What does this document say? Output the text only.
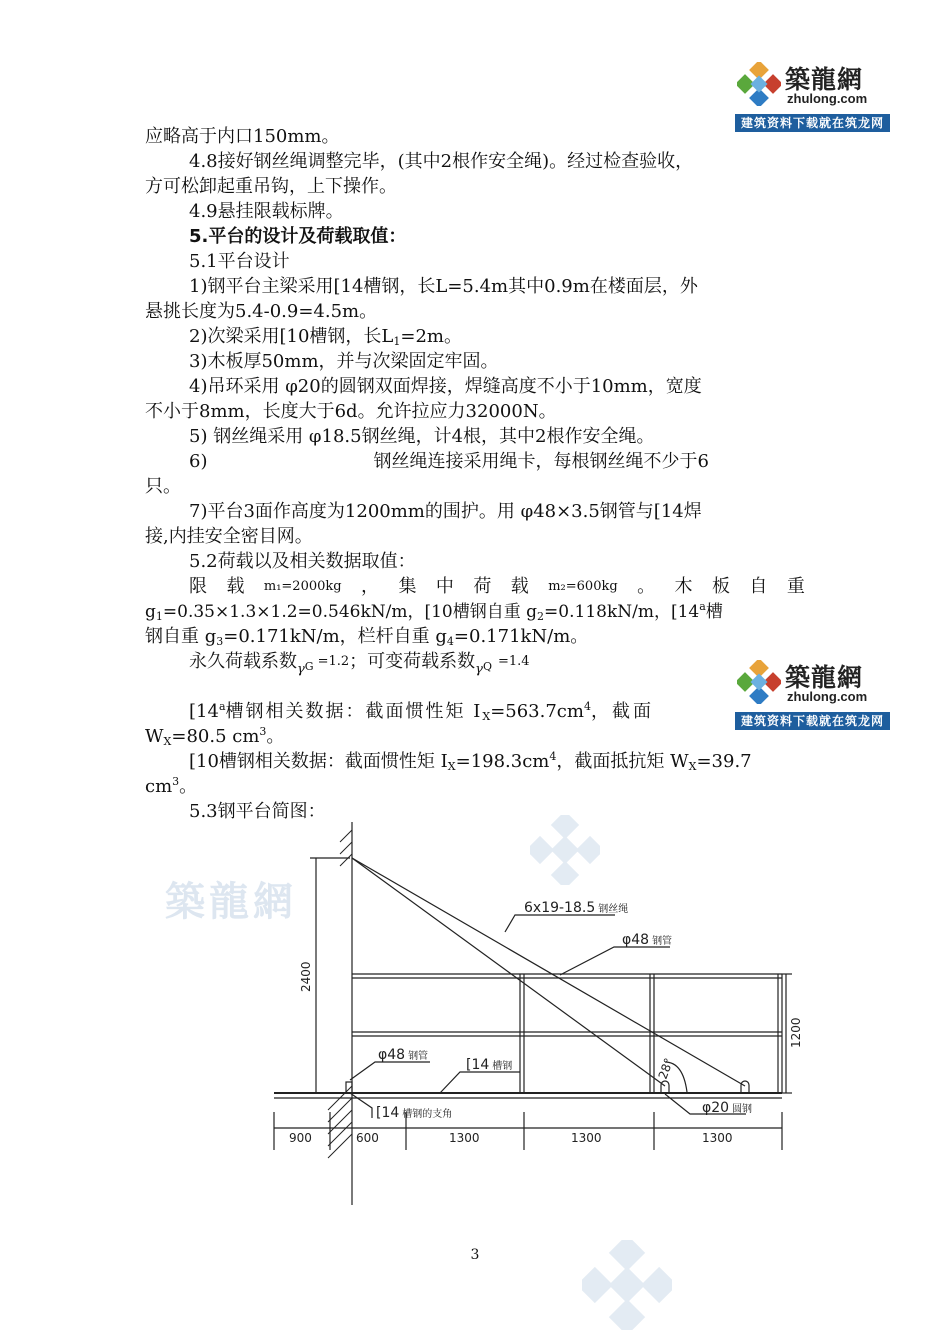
築龍網
築龍網
zhulong.com
建筑资料下载就在筑龙网
築龍網
zhulong.com
建筑资料下载就在筑龙网
应略高于内口150mm。
4.8接好钢丝绳调整完毕，(其中2根作安全绳)。经过检查验收，
方可松卸起重吊钩，上下操作。
4.9悬挂限载标牌。
5.平台的设计及荷载取值：
5.1平台设计
1)钢平台主梁采用[14槽钢，长L=5.4m其中0.9m在楼面层，外
悬挑长度为5.4-0.9=4.5m。
2)次梁采用[10槽钢，长$L_1=2m$。
3)木板厚50mm，并与次梁固定牢固。
4)吊环采用 φ20的圆钢双面焊接，焊缝高度不小于10mm，宽度
不小于8mm，长度大于6d。允许拉应力32000N。
5) 钢丝绳采用 φ18.5钢丝绳，计4根，其中2根作安全绳。
6)	钢丝绳连接采用绳卡，每根钢丝绳不少于6
只。
7)平台3面作高度为1200mm的围护。用 φ48×3.5钢管与[14焊
接,内挂安全密目网。
5.2荷载以及相关数据取值：
限 载 m₁=2000kg ， 集 中 荷 载 m₂=600kg 。 木 板 自 重
$g_1=0.35\times 1.3\times 1.2=0.546kN/m$，[10槽钢自重 $g_2=0.118kN/m$，[14$^a$槽
钢自重 $g_3=0.171kN/m$，栏杆自重 $g_4=0.171kN/m$。
永久荷载系数$_{\gamma G}$ =1.2；可变荷载系数$_{\gamma Q}$ =1.4
[14$^a$槽钢相关数据：截面惯性矩 $I_X=563.7cm^4$，截面
$W_X=80.5$ $cm^3$。
[10槽钢相关数据：截面惯性矩 $I_X=198.3cm^4$，截面抵抗矩 $W_X=39.7$
$cm^3$。
5.3钢平台简图：
6x19-18.5 钢丝绳
φ48 钢管
φ48 钢管
[14 槽钢
[14 槽钢的支角	φ20 圆钢
28°
2400
1200
900	600	1300	1300	1300
3
